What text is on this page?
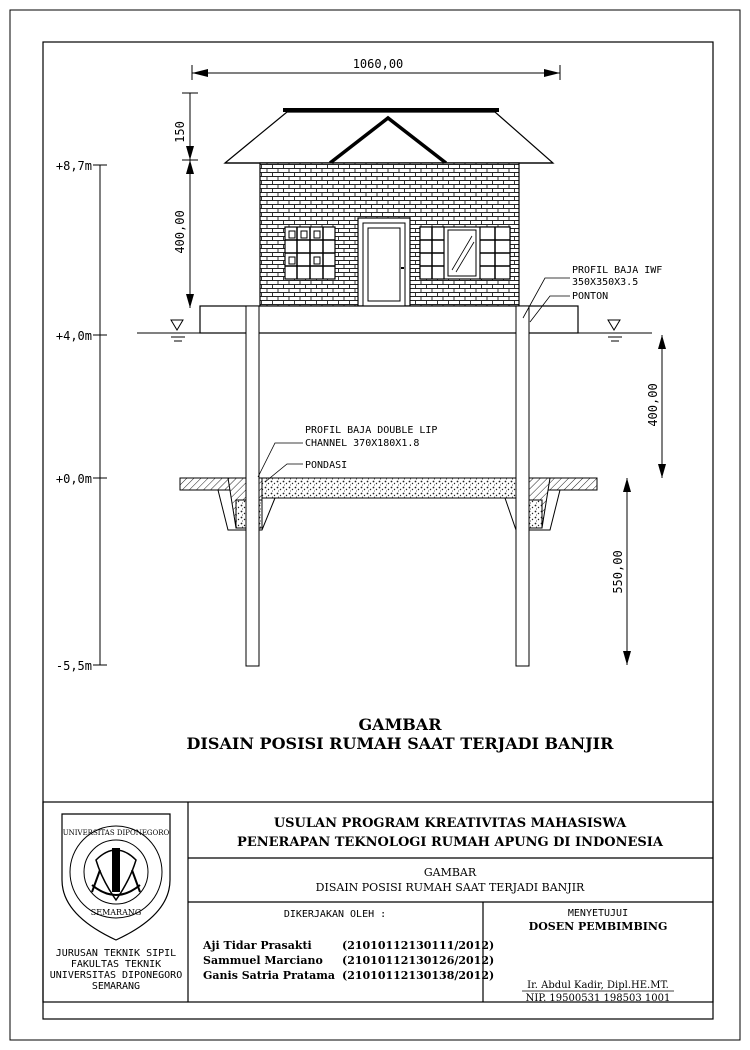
1060,00
150
400,00
400,00
550,00
+8,7m
+4,0m
+0,0m
-5,5m
PROFIL BAJA IWF
350X350X3.5
PONTON
PROFIL BAJA DOUBLE LIP
CHANNEL 370X180X1.8
PONDASI
GAMBAR
DISAIN POSISI RUMAH SAAT TERJADI BANJIR
UNIVERSITAS DIPONEGORO
SEMARANG
JURUSAN TEKNIK SIPIL
FAKULTAS TEKNIK
UNIVERSITAS DIPONEGORO
SEMARANG
USULAN PROGRAM KREATIVITAS MAHASISWA
PENERAPAN TEKNOLOGI RUMAH APUNG DI INDONESIA
GAMBAR
DISAIN POSISI RUMAH SAAT TERJADI BANJIR
DIKERJAKAN OLEH :
Aji Tidar Prasakti	(21010112130111/2012)
Sammuel Marciano (21010112130126/2012)
Ganis Satria Pratama (21010112130138/2012)
MENYETUJUI
DOSEN PEMBIMBING
Ir. Abdul Kadir, Dipl.HE.MT.
NIP. 19500531 198503 1001
